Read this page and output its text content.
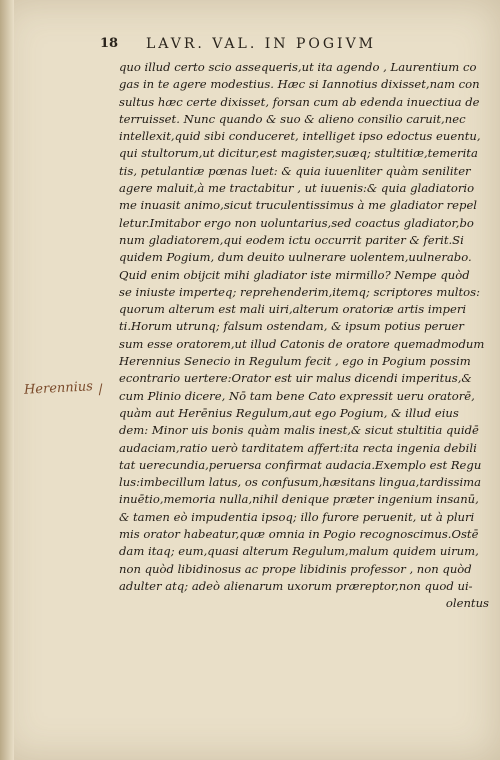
18 LAVR. VAL. IN POGIVM
Herennius
quo illud certo scio assequeris,ut ita agendo , Laurentium co
gas in te agere modestius. Hæc si Iannotius dixisset,nam con
sultus hæc certe dixisset, forsan cum ab edenda inuectiua de
terruisset. Nunc quando & suo & alieno consilio caruit,nec
intellexit,quid sibi conduceret, intelliget ipso edoctus euentu,
qui stultorum,ut dicitur,est magister,suæq; stultitiæ,temerita
tis, petulantiæ pœnas luet: & quia iuuenliter quàm seniliter
agere maluit,à me tractabitur , ut iuuenis:& quia gladiatorio
me inuasit animo,sicut truculentissimus à me gladiator repel
letur.Imitabor ergo non uoluntarius,sed coactus gladiator,bo
num gladiatorem,qui eodem ictu occurrit pariter & ferit.Si
quidem Pogium, dum deuito uulnerare uolentem,uulnerabo.
Quid enim obijcit mihi gladiator iste mirmillo? Nempe quòd
se iniuste imperteq; reprehenderim,itemq; scriptores multos:
quorum alterum est mali uiri,alterum oratoriæ artis imperi
ti.Horum utrunq; falsum ostendam, & ipsum potius peruer
sum esse oratorem,ut illud Catonis de oratore quemadmodum
Herennius Senecio in Regulum fecit , ego in Pogium possim
econtrario uertere:Orator est uir malus dicendi imperitus,&
cum Plinio dicere, Nō tam bene Cato expressit ueru oratorē,
quàm aut Herēnius Regulum,aut ego Pogium, & illud eius
dem: Minor uis bonis quàm malis inest,& sicut stultitia quidē
audaciam,ratio uerò tarditatem affert:ita recta ingenia debili
tat uerecundia,peruersa confirmat audacia.Exemplo est Regu
lus:imbecillum latus, os confusum,hæsitans lingua,tardissima
inuētio,memoria nulla,nihil denique præter ingenium insanū,
& tamen eò impudentia ipsoq; illo furore peruenit, ut à pluri
mis orator habeatur,quæ omnia in Pogio recognoscimus.Ostē
dam itaq; eum,quasi alterum Regulum,malum quidem uirum,
non quòd libidinosus ac prope libidinis professor , non quòd
adulter atq; adeò alienarum uxorum præreptor,non quod ui-
olentus
